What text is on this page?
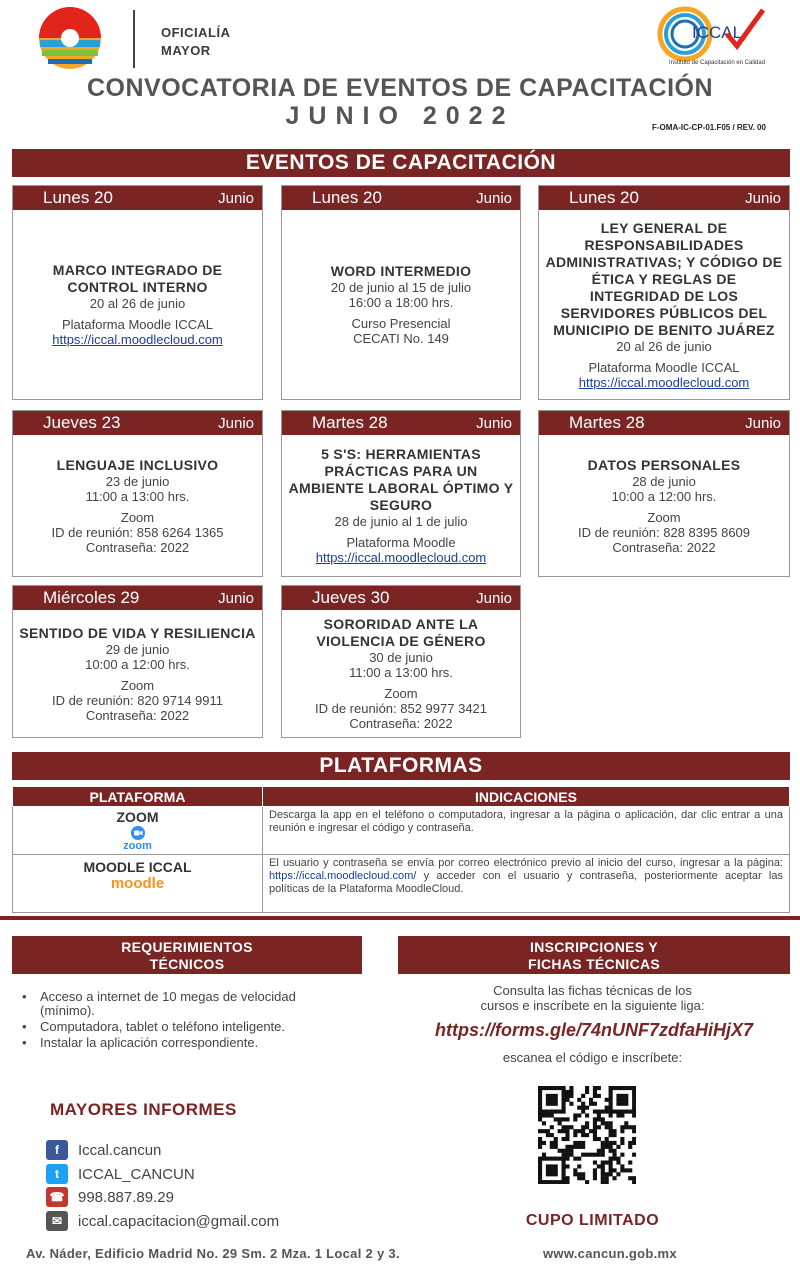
OFICIALÍA
MAYOR
ICCAL
Instituto de Capacitación en Calidad
CONVOCATORIA DE EVENTOS DE CAPACITACIÓN
JUNIO 2022	F-OMA-IC-CP-01.F05 / REV. 00
EVENTOS DE CAPACITACIÓN
Lunes 20	Junio
MARCO INTEGRADO DE CONTROL INTERNO
20 al 26 de junio
Plataforma Moodle ICCAL
https://iccal.moodlecloud.com
Lunes 20	Junio
WORD INTERMEDIO
20 de junio al 15 de julio
16:00 a 18:00 hrs.
Curso Presencial
CECATI No. 149
Lunes 20	Junio
LEY GENERAL DE RESPONSABILIDADES ADMINISTRATIVAS; Y CÓDIGO DE ÉTICA Y REGLAS DE INTEGRIDAD DE LOS SERVIDORES PÚBLICOS DEL MUNICIPIO DE BENITO JUÁREZ
20 al 26 de junio
Plataforma Moodle ICCAL
https://iccal.moodlecloud.com
Jueves 23	Junio
LENGUAJE INCLUSIVO
23 de junio
11:00 a 13:00 hrs.
Zoom
ID de reunión: 858 6264 1365
Contraseña: 2022
Martes 28	Junio
5 S'S: HERRAMIENTAS PRÁCTICAS PARA UN AMBIENTE LABORAL ÓPTIMO Y SEGURO
28 de junio al 1 de julio
Plataforma Moodle
https://iccal.moodlecloud.com
Martes 28	Junio
DATOS PERSONALES
28 de junio
10:00 a 12:00 hrs.
Zoom
ID de reunión: 828 8395 8609
Contraseña: 2022
Miércoles 29	Junio
SENTIDO DE VIDA Y RESILIENCIA
29 de junio
10:00 a 12:00 hrs.
Zoom
ID de reunión: 820 9714 9911
Contraseña: 2022
Jueves 30	Junio
SORORIDAD ANTE LA VIOLENCIA DE GÉNERO
30 de junio
11:00 a 13:00 hrs.
Zoom
ID de reunión: 852 9977 3421
Contraseña: 2022
PLATAFORMAS
PLATAFORMA	INDICACIONES

ZOOM
zoom	Descarga la app en el teléfono o computadora, ingresar a la página o aplicación, dar clic entrar a una reunión e ingresar el código y contraseña.

MOODLE ICCAL
moodle	El usuario y contraseña se envía por correo electrónico previo al inicio del curso, ingresar a la página: https://iccal.moodlecloud.com/ y acceder con el usuario y contraseña, posteriormente aceptar las políticas de la Plataforma MoodleCloud.
REQUERIMIENTOS
TÉCNICOS
• Acceso a internet de 10 megas de velocidad (mínimo).
• Computadora, tablet o teléfono inteligente.
• Instalar la aplicación correspondiente.
INSCRIPCIONES Y
FICHAS TÉCNICAS
Consulta las fichas técnicas de los
cursos e inscríbete en la siguiente liga:
https://forms.gle/74nUNF7zdfaHiHjX7
escanea el código e inscríbete:
CUPO LIMITADO
MAYORES INFORMES
f	Iccal.cancun
t	ICCAL_CANCUN
☎ 998.887.89.29
✉	iccal.capacitacion@gmail.com
Av. Náder, Edificio Madrid No. 29 Sm. 2 Mza. 1 Local 2 y 3.	www.cancun.gob.mx
